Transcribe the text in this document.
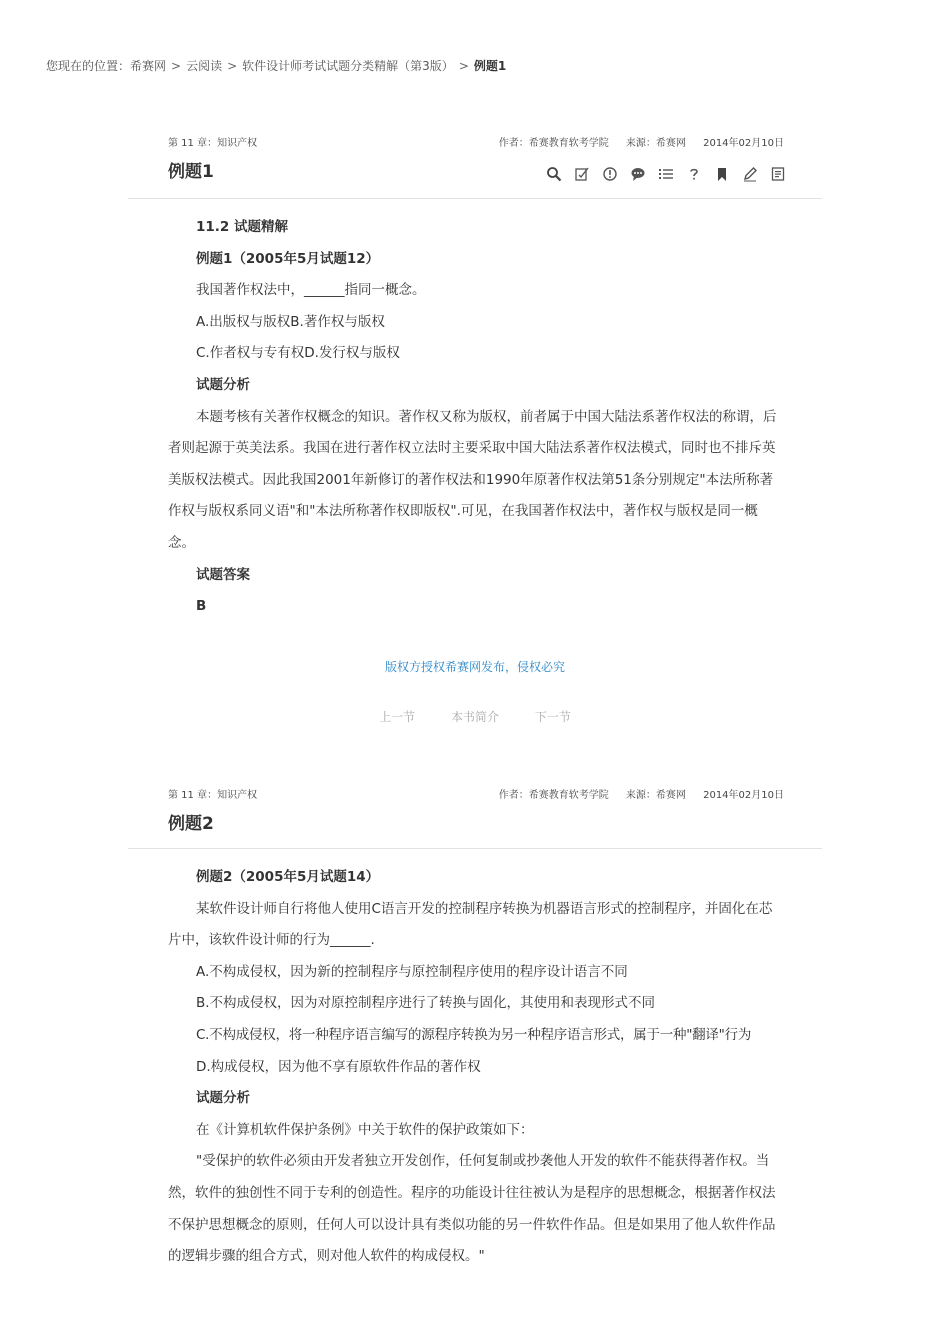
您现在的位置：希赛网 > 云阅读 > 软件设计师考试试题分类精解（第3版） > 例题1
第 11 章：知识产权	作者：希赛教育软考学院 来源：希赛网 2014年02月10日
例题1

11.2 试题精解

例题1（2005年5月试题12）

我国著作权法中，______指同一概念。

A.出版权与版权B.著作权与版权

C.作者权与专有权D.发行权与版权

试题分析

本题考核有关著作权概念的知识。著作权又称为版权，前者属于中国大陆法系著作权法的称谓，后者则起源于英美法系。我国在进行著作权立法时主要采取中国大陆法系著作权法模式，同时也不排斥英美版权法模式。因此我国2001年新修订的著作权法和1990年原著作权法第51条分别规定"本法所称著作权与版权系同义语"和"本法所称著作权即版权".可见，在我国著作权法中，著作权与版权是同一概念。

试题答案

B

版权方授权希赛网发布，侵权必究
上一节	本书简介	下一节
第 11 章：知识产权	作者：希赛教育软考学院 来源：希赛网 2014年02月10日
例题2

例题2（2005年5月试题14）

某软件设计师自行将他人使用C语言开发的控制程序转换为机器语言形式的控制程序，并固化在芯片中，该软件设计师的行为______.

A.不构成侵权，因为新的控制程序与原控制程序使用的程序设计语言不同

B.不构成侵权，因为对原控制程序进行了转换与固化，其使用和表现形式不同

C.不构成侵权，将一种程序语言编写的源程序转换为另一种程序语言形式，属于一种"翻译"行为

D.构成侵权，因为他不享有原软件作品的著作权

试题分析

在《计算机软件保护条例》中关于软件的保护政策如下：

"受保护的软件必须由开发者独立开发创作，任何复制或抄袭他人开发的软件不能获得著作权。当然，软件的独创性不同于专利的创造性。程序的功能设计往往被认为是程序的思想概念，根据著作权法不保护思想概念的原则，任何人可以设计具有类似功能的另一件软件作品。但是如果用了他人软件作品的逻辑步骤的组合方式，则对他人软件的构成侵权。"
